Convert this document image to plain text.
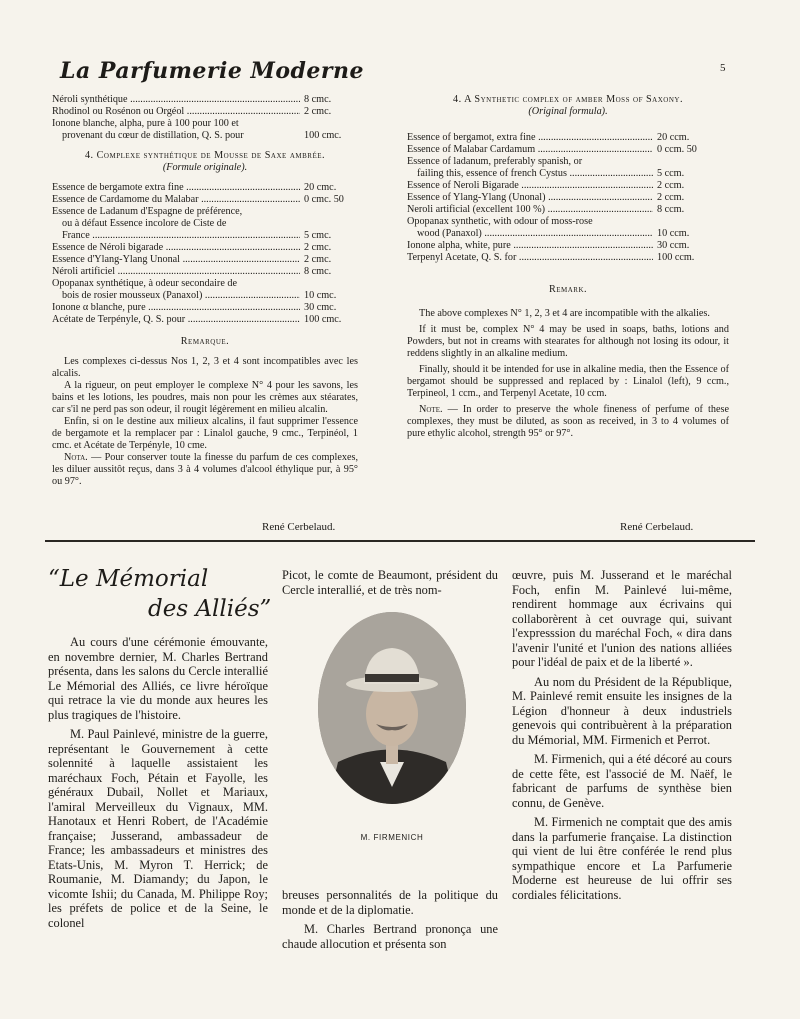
La Parfumerie Moderne	5
Néroli synthétique .....	8 cmc.
Rhodinol ou Rosénon ou Orgéol .....	2 cmc.
Ionone blanche, alpha, pure à 100 pour 100 et
provenant du cœur de distillation, Q. S. pour	100 cmc.

4. Complexe synthétique de Mousse de Saxe ambrée.

(Formule originale).

Essence de bergamote extra fine .....	20 cmc.
Essence de Cardamome du Malabar .....	0 cmc. 50
Essence de Ladanum d'Espagne de préférence,
ou à défaut Essence incolore de Ciste de
France .....	5 cmc.
Essence de Néroli bigarade .....	2 cmc.
Essence d'Ylang-Ylang Unonal .....	2 cmc.
Néroli artificiel .....	8 cmc.
Opopanax synthétique, à odeur secondaire de
bois de rosier mousseux (Panaxol) .....	10 cmc.
Ionone α blanche, pure .....	30 cmc.
Acétate de Terpényle, Q. S. pour .....	100 cmc.
Remarque.

Les complexes ci-dessus Nos 1, 2, 3 et 4 sont incompatibles avec les alcalis.

A la rigueur, on peut employer le complexe N° 4 pour les savons, les bains et les lotions, les poudres, mais non pour les crèmes aux stéarates, car s'il ne perd pas son odeur, il rougit légèrement en milieu alcalin.

Enfin, si on le destine aux milieux alcalins, il faut supprimer l'essence de bergamote et la remplacer par : Linalol gauche, 9 cmc., Terpinéol, 1 cmc. et Acétate de Terpényle, 10 cme.

Nota. — Pour conserver toute la finesse du parfum de ces complexes, les diluer aussitôt reçus, dans 3 à 4 volumes d'alcool éthylique pur, à 95° ou 97°.

René Cerbelaud.

4. A Synthetic complex of amber Moss of Saxony.

(Original formula).

Essence of bergamot, extra fine .....	20 ccm.
Essence of Malabar Cardamum .....	0 ccm. 50
Essence of ladanum, preferably spanish, or
failing this, essence of french Cystus .....	5 ccm.
Essence of Neroli Bigarade .....	2 ccm.
Essence of Ylang-Ylang (Unonal) .....	2 ccm.
Neroli artificial (excellent 100 %) .....	8 ccm.
Opopanax synthetic, with odour of moss-rose
wood (Panaxol) .....	10 ccm.
Ionone alpha, white, pure .....	30 ccm.
Terpenyl Acetate, Q. S. for .....	100 ccm.
Remark.

The above complexes N° 1, 2, 3 et 4 are incompatible with the alkalies.

If it must be, complex N° 4 may be used in soaps, baths, lotions and Powders, but not in creams with stearates for although not losing its odour, it reddens slightly in an alkaline medium.

Finally, should it be intended for use in alkaline media, then the Essence of bergamot should be suppressed and replaced by : Linalol (left), 9 ccm., Terpineol, 1 ccm., and Terpenyl Acetate, 10 ccm.

Note. — In order to preserve the whole fineness of perfume of these complexes, they must be diluted, as soon as received, in 3 to 4 volumes of pure ethylic alcohol, strength 95° or 97°.

René Cerbelaud.
“Le Mémorial
des Alliés”

Au cours d'une cérémonie émouvante, en novembre dernier, M. Charles Bertrand présenta, dans les salons du Cercle interallié Le Mémorial des Alliés, ce livre héroïque qui retrace la vie du monde aux heures les plus tragiques de l'histoire.

M. Paul Painlevé, ministre de la guerre, représentant le Gouvernement à cette solennité à laquelle assistaient les maréchaux Foch, Pétain et Fayolle, les généraux Dubail, Nollet et Mariaux, l'amiral Merveilleux du Vignaux, MM. Hanotaux et Henri Robert, de l'Académie française; Jusserand, ambassadeur de France; les ambassadeurs et ministres des Etats-Unis, M. Myron T. Herrick; de Roumanie, M. Diamandy; du Japon, le vicomte Ishii; du Canada, M. Philippe Roy; les préfets de police et de la Seine, le colonel

Picot, le comte de Beaumont, président du Cercle interallié, et de très nom-

M. FIRMENICH

breuses personnalités de la politique du monde et de la diplomatie.

M. Charles Bertrand prononça une chaude allocution et présenta son

œuvre, puis M. Jusserand et le maréchal Foch, enfin M. Painlevé lui-même, rendirent hommage aux écrivains qui collaborèrent à cet ouvrage qui, suivant l'expresssion du maréchal Foch, « dira dans l'avenir l'unité et l'union des nations alliées pour l'idéal de paix et de la liberté ».

Au nom du Président de la République, M. Painlevé remit ensuite les insignes de la Légion d'honneur à deux industriels genevois qui contribuèrent à la préparation du Mémorial, MM. Firmenich et Perrot.

M. Firmenich, qui a été décoré au cours de cette fête, est l'associé de M. Naëf, le fabricant de parfums de synthèse bien connu, de Genève.

M. Firmenich ne comptait que des amis dans la parfumerie française. La distinction qui vient de lui être conférée le rend plus sympathique encore et La Parfumerie Moderne est heureuse de lui offrir ses cordiales félicitations.
